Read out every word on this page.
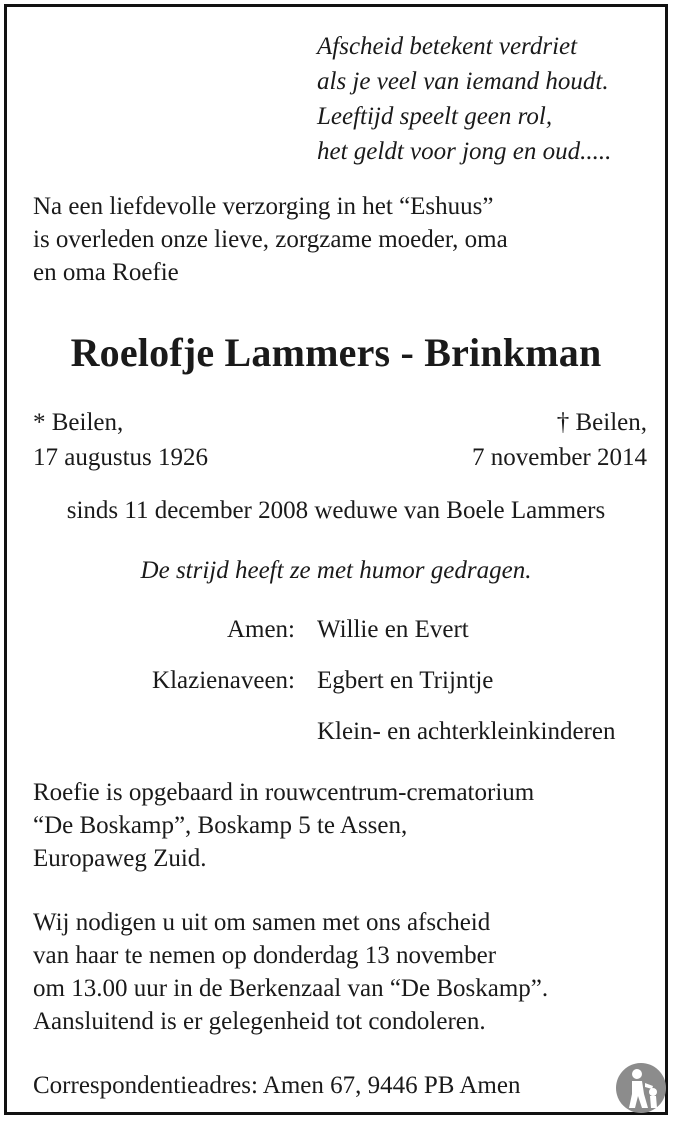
Afscheid betekent verdriet
als je veel van iemand houdt.
Leeftijd speelt geen rol,
het geldt voor jong en oud.....
Na een liefdevolle verzorging in het “Eshuus”
is overleden onze lieve, zorgzame moeder, oma
en oma Roefie
Roelofje Lammers - Brinkman
* Beilen,
17 augustus 1926
† Beilen,
7 november 2014
sinds 11 december 2008 weduwe van Boele Lammers
De strijd heeft ze met humor gedragen.
Amen: Willie en Evert
Klazienaveen: Egbert en Trijntje
Klein- en achterkleinkinderen
Roefie is opgebaard in rouwcentrum-crematorium
“De Boskamp”, Boskamp 5 te Assen,
Europaweg Zuid.
Wij nodigen u uit om samen met ons afscheid
van haar te nemen op donderdag 13 november
om 13.00 uur in de Berkenzaal van “De Boskamp”.
Aansluitend is er gelegenheid tot condoleren.
Correspondentieadres: Amen 67, 9446 PB Amen
